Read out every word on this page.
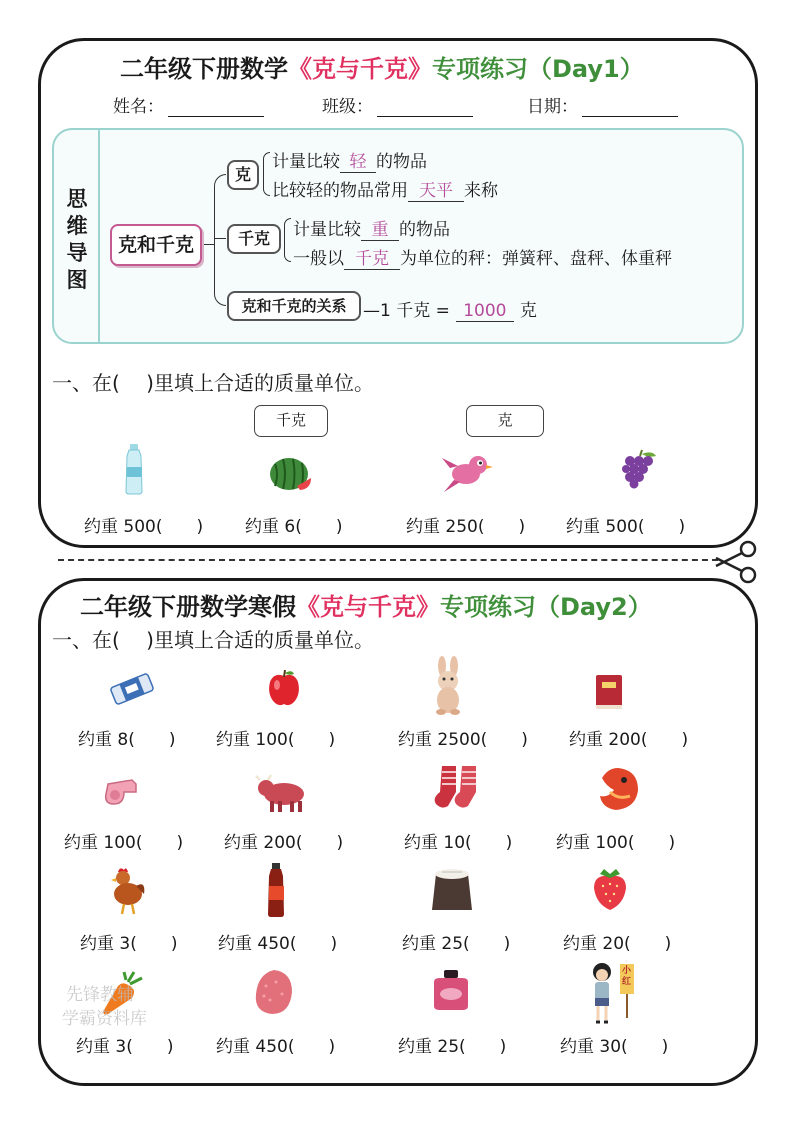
二年级下册数学《克与千克》专项练习（Day1）
姓名：	班级：	日期：
思维导图
克和千克
克
计量比较 轻 的物品
比较轻的物品常用 天平 来称
千克	计量比较 重 的物品
一般以 千克 为单位的秤：弹簧秤、盘秤、体重秤
克和千克的关系 —1 千克 = 1000 克
一、在(　 )里填上合适的质量单位。
千克	克
约重 500(　　) 约重 6(　　)	约重 250(　　) 约重 500(　　)
二年级下册数学寒假《克与千克》专项练习（Day2）
一、在(　 )里填上合适的质量单位。
约重 8(　　) 约重 100(　　)	约重 2500(　　) 约重 200(　　)
约重 100(　　) 约重 200(　　)	约重 10(　　)	约重 100(　　)
约重 3(　　) 约重 450(　　)	约重 25(　　)	约重 20(　　)
小红
约重 3(　　)	约重 450(　　)	约重 25(　　)	约重 30(　　)
先锋教辅
学霸资料库
